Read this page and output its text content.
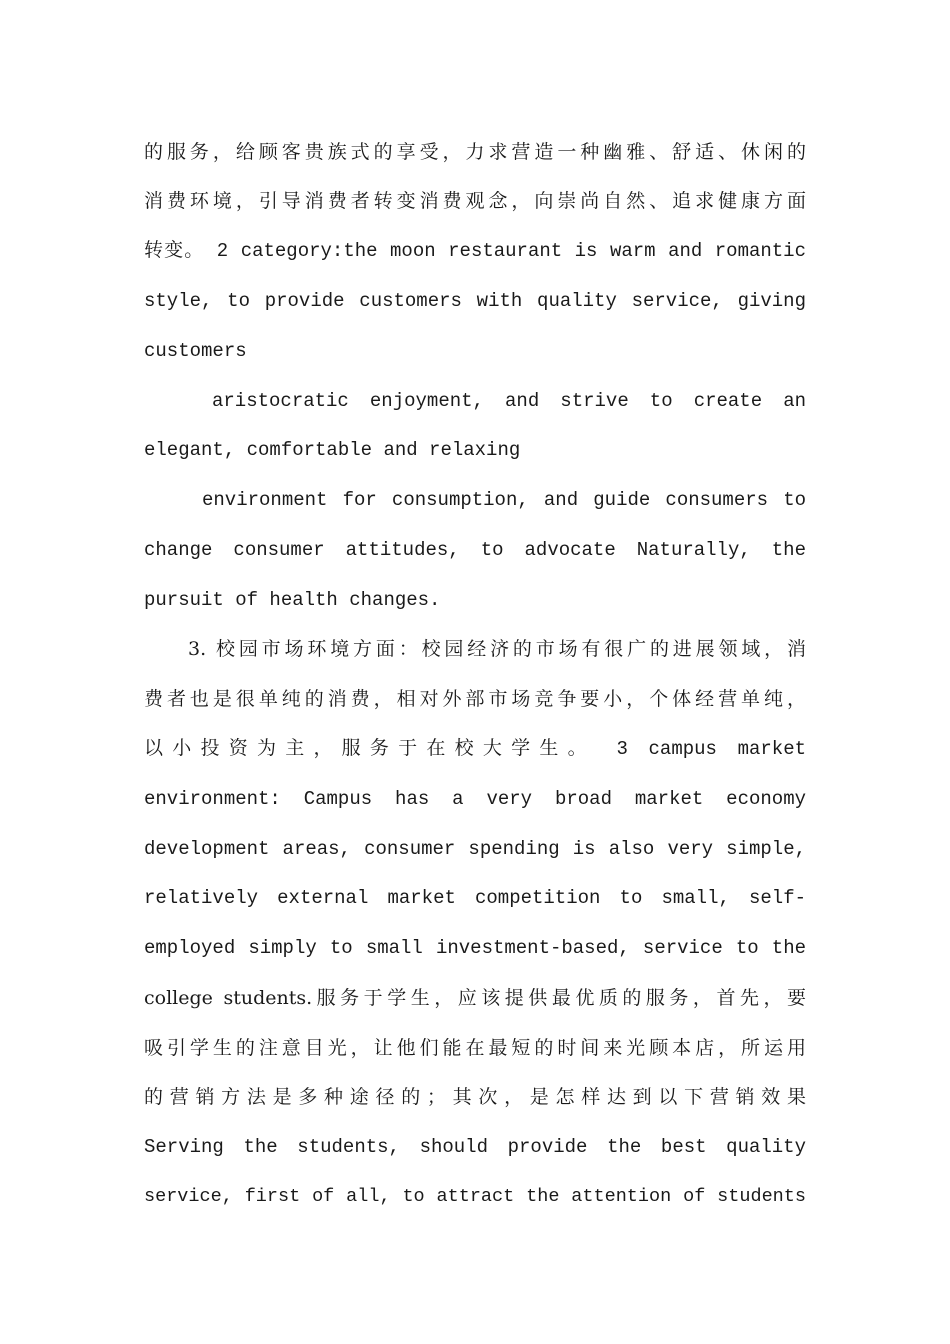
的服务，给顾客贵族式的享受，力求营造一种幽雅、舒适、休闲的
消费环境，引导消费者转变消费观念，向崇尚自然、追求健康方面
转变。 2 category:the moon restaurant is warm and romantic
style, to provide customers with quality service, giving
customers
aristocratic enjoyment, and strive to create an
elegant, comfortable and relaxing
environment for consumption, and guide consumers to
change consumer attitudes, to advocate Naturally, the
pursuit of health changes.
3. 校园市场环境方面：校园经济的市场有很广的进展领域，消
费者也是很单纯的消费，相对外部市场竞争要小，个体经营单纯，
以小投资为主，服务于在校大学生。 3 campus market
environment: Campus has a very broad market economy
development areas, consumer spending is also very simple,
relatively external market competition to small, self-
employed simply to small investment-based, service to the
college students.服务于学生，应该提供最优质的服务，首先，要
吸引学生的注意目光，让他们能在最短的时间来光顾本店，所运用
的营销方法是多种途径的；其次，是怎样达到以下营销效果
Serving the students, should provide the best quality
service, first of all, to attract the attention of students
